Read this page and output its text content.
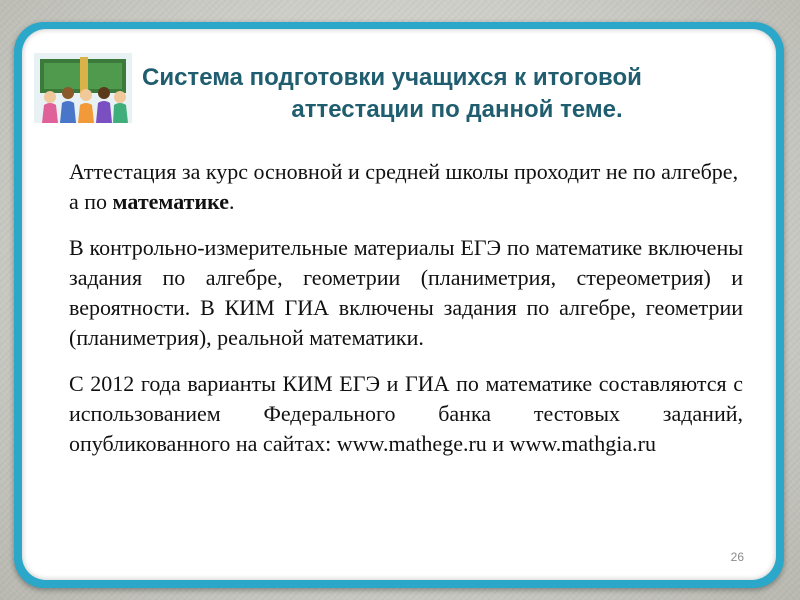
Система подготовки учащихся к итоговой
аттестации по данной теме.

Аттестация за курс основной и средней школы проходит не по алгебре, а по математике.

В контрольно-измерительные материалы ЕГЭ по математике включены задания по алгебре, геометрии (планиметрия, стереометрия) и вероятности. В КИМ ГИА включены задания по алгебре, геометрии (планиметрия), реальной математики.

С 2012 года варианты КИМ ЕГЭ и ГИА по математике составляются с использованием Федерального банка тестовых заданий, опубликованного на сайтах: www.mathege.ru и www.mathgia.ru

26
